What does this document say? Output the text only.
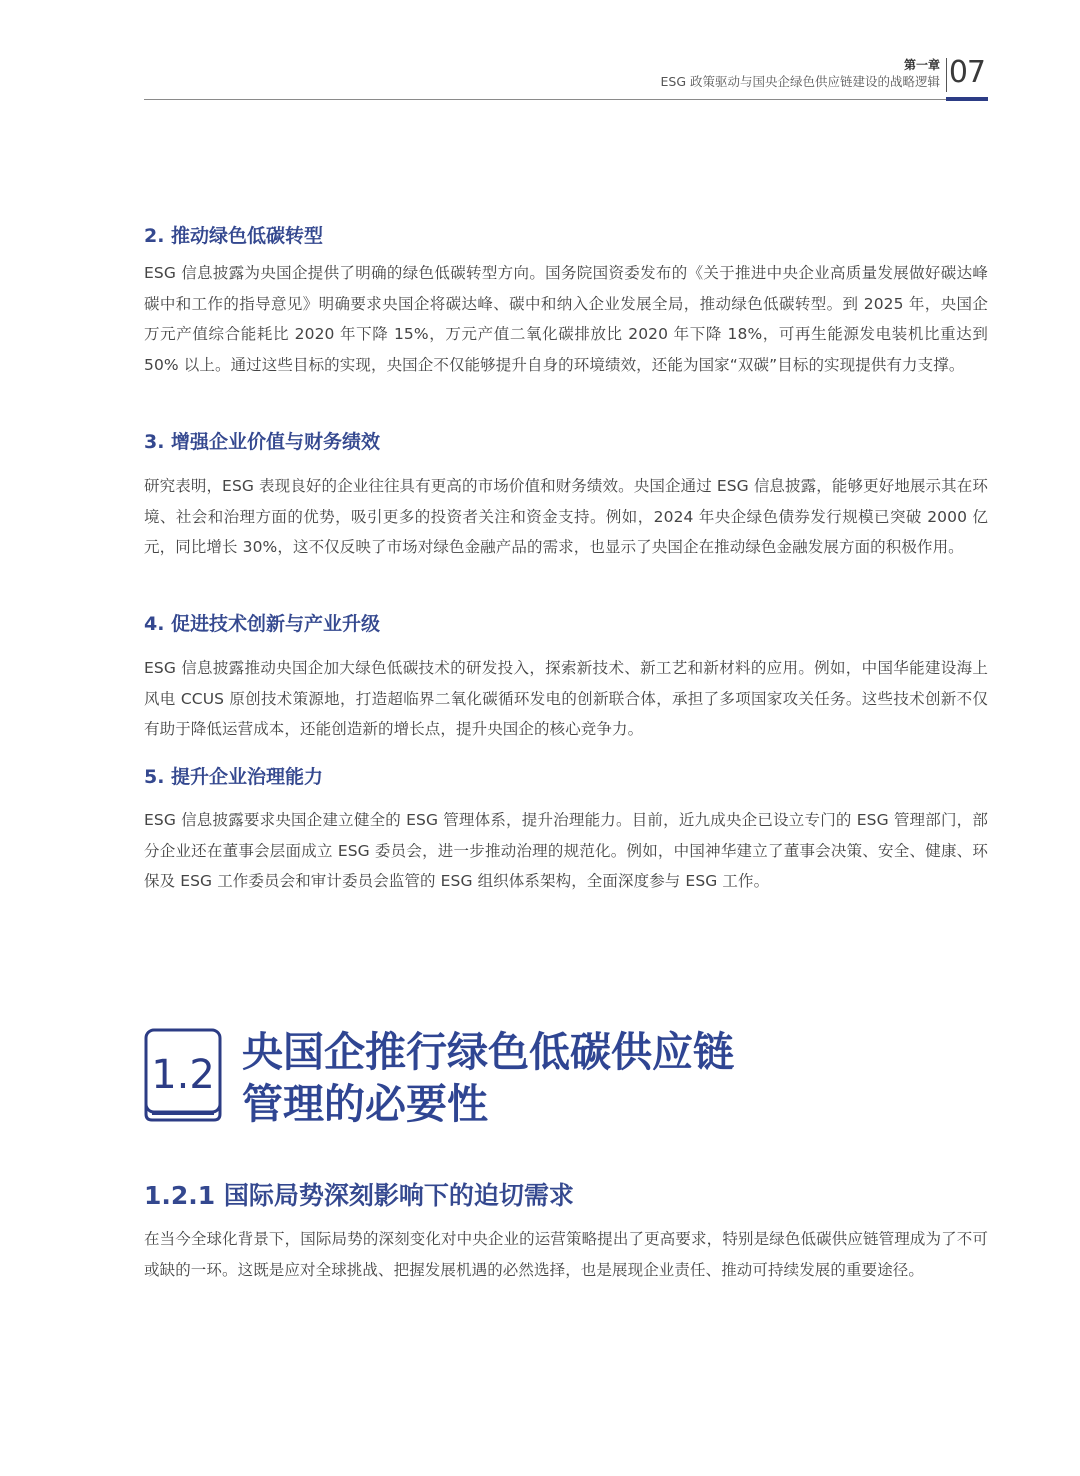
第一章
ESG 政策驱动与国央企绿色供应链建设的战略逻辑 07
2. 推动绿色低碳转型

ESG 信息披露为央国企提供了明确的绿色低碳转型方向。国务院国资委发布的《关于推进中央企业高质量发展做好碳达峰碳中和工作的指导意见》明确要求央国企将碳达峰、碳中和纳入企业发展全局，推动绿色低碳转型。到 2025 年，央国企万元产值综合能耗比 2020 年下降 15%，万元产值二氧化碳排放比 2020 年下降 18%，可再生能源发电装机比重达到 50% 以上。通过这些目标的实现，央国企不仅能够提升自身的环境绩效，还能为国家“双碳”目标的实现提供有力支撑。

3. 增强企业价值与财务绩效

研究表明，ESG 表现良好的企业往往具有更高的市场价值和财务绩效。央国企通过 ESG 信息披露，能够更好地展示其在环境、社会和治理方面的优势，吸引更多的投资者关注和资金支持。例如，2024 年央企绿色债券发行规模已突破 2000 亿元，同比增长 30%，这不仅反映了市场对绿色金融产品的需求，也显示了央国企在推动绿色金融发展方面的积极作用。

4. 促进技术创新与产业升级

ESG 信息披露推动央国企加大绿色低碳技术的研发投入，探索新技术、新工艺和新材料的应用。例如，中国华能建设海上风电 CCUS 原创技术策源地，打造超临界二氧化碳循环发电的创新联合体，承担了多项国家攻关任务。这些技术创新不仅有助于降低运营成本，还能创造新的增长点，提升央国企的核心竞争力。

5. 提升企业治理能力

ESG 信息披露要求央国企建立健全的 ESG 管理体系，提升治理能力。目前，近九成央企已设立专门的 ESG 管理部门，部分企业还在董事会层面成立 ESG 委员会，进一步推动治理的规范化。例如，中国神华建立了董事会决策、安全、健康、环保及 ESG 工作委员会和审计委员会监管的 ESG 组织体系架构，全面深度参与 ESG 工作。

1.2 央国企推行绿色低碳供应链
管理的必要性
1.2.1 国际局势深刻影响下的迫切需求

在当今全球化背景下，国际局势的深刻变化对中央企业的运营策略提出了更高要求，特别是绿色低碳供应链管理成为了不可或缺的一环。这既是应对全球挑战、把握发展机遇的必然选择，也是展现企业责任、推动可持续发展的重要途径。
